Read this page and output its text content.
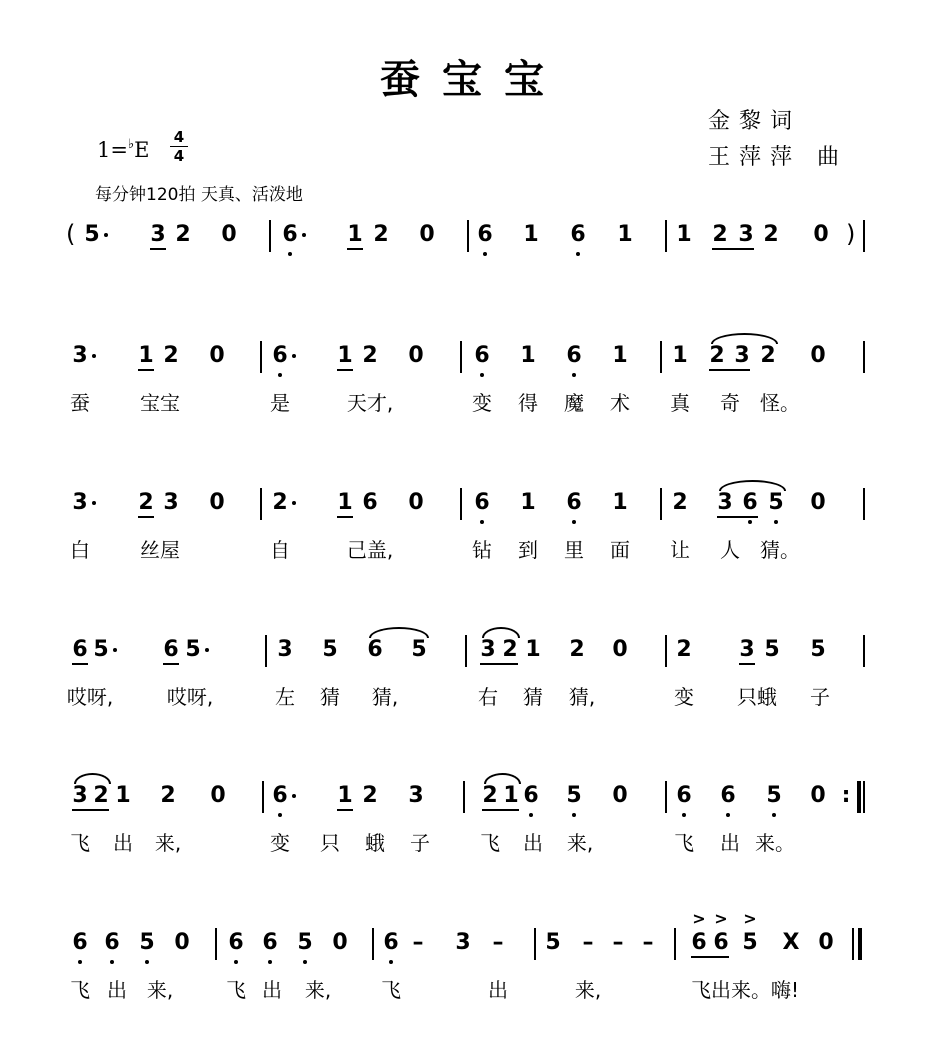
蚕宝宝
金黎词
王萍萍 曲
1=♭E
4
4
每分钟120拍 天真、活泼地
5 3 2 0 6 1 2 0 6 1 6 1 1 2 3 2 0
3 1 2 0 6 1 2 0 6 1 6 1 1 2 3 2 0
蚕	宝宝	是	天才,	变 得 魔 术 真 奇 怪。
3 2 3 0 2 1 6 0 6 1 6 1 2 3 6 5 0
白	丝屋	自	己盖,	钻 到 里 面 让 人 猜。
6 5 6 5	3 5 6 5 3 2 1 2 0 2 3 5 5
哎呀,	哎呀,	左 猜 猜,	右 猜 猜,	变 只蛾 子
3 2 1 2 0 6 1 2 3	2 1 6 5 0 6 6 5 0
飞 出 来,	变 只 蛾 子	飞 出 来,	飞 出 来。
6 6 5 0 6 6 5 0 6 – 3 – 5 – – – 6 6 5 X 0
飞 出 来,	飞 出 来, 飞	出	来,	飞出来。嗨!
(	)
:
> > >
